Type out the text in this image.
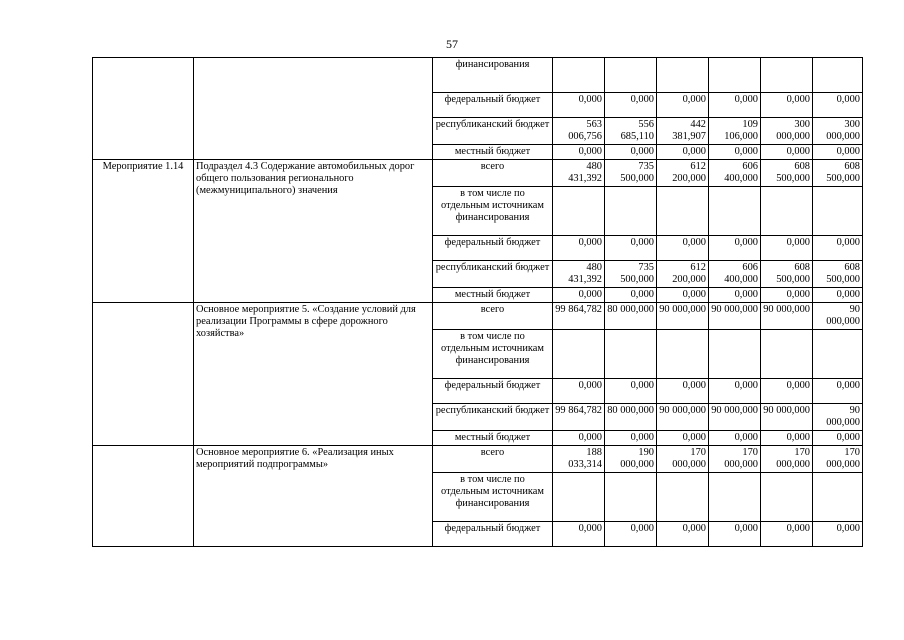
57
		финансирования						
		федеральный бюджет	0,000	0,000	0,000	0,000	0,000	0,000
		республиканский бюджет	563 006,756	556 685,110	442 381,907	109 106,000	300 000,000	300 000,000
		местный бюджет	0,000	0,000	0,000	0,000	0,000	0,000
Мероприятие 1.14	Подраздел 4.3 Содержание автомобильных дорог общего пользования регионального (межмуниципального) значения	всего	480 431,392	735 500,000	612 200,000	606 400,000	608 500,000	608 500,000
		в том числе по отдельным источникам финансирования						
		федеральный бюджет	0,000	0,000	0,000	0,000	0,000	0,000
		республиканский бюджет	480 431,392	735 500,000	612 200,000	606 400,000	608 500,000	608 500,000
		местный бюджет	0,000	0,000	0,000	0,000	0,000	0,000
	Основное мероприятие 5. «Создание условий для реализации Программы в сфере дорожного хозяйства»	всего	99 864,782	80 000,000	90 000,000	90 000,000	90 000,000	90 000,000
		в том числе по отдельным источникам финансирования						
		федеральный бюджет	0,000	0,000	0,000	0,000	0,000	0,000
		республиканский бюджет	99 864,782	80 000,000	90 000,000	90 000,000	90 000,000	90 000,000
		местный бюджет	0,000	0,000	0,000	0,000	0,000	0,000
	Основное мероприятие 6. «Реализация иных мероприятий подпрограммы»	всего	188 033,314	190 000,000	170 000,000	170 000,000	170 000,000	170 000,000
		в том числе по отдельным источникам финансирования						
		федеральный бюджет	0,000	0,000	0,000	0,000	0,000	0,000
